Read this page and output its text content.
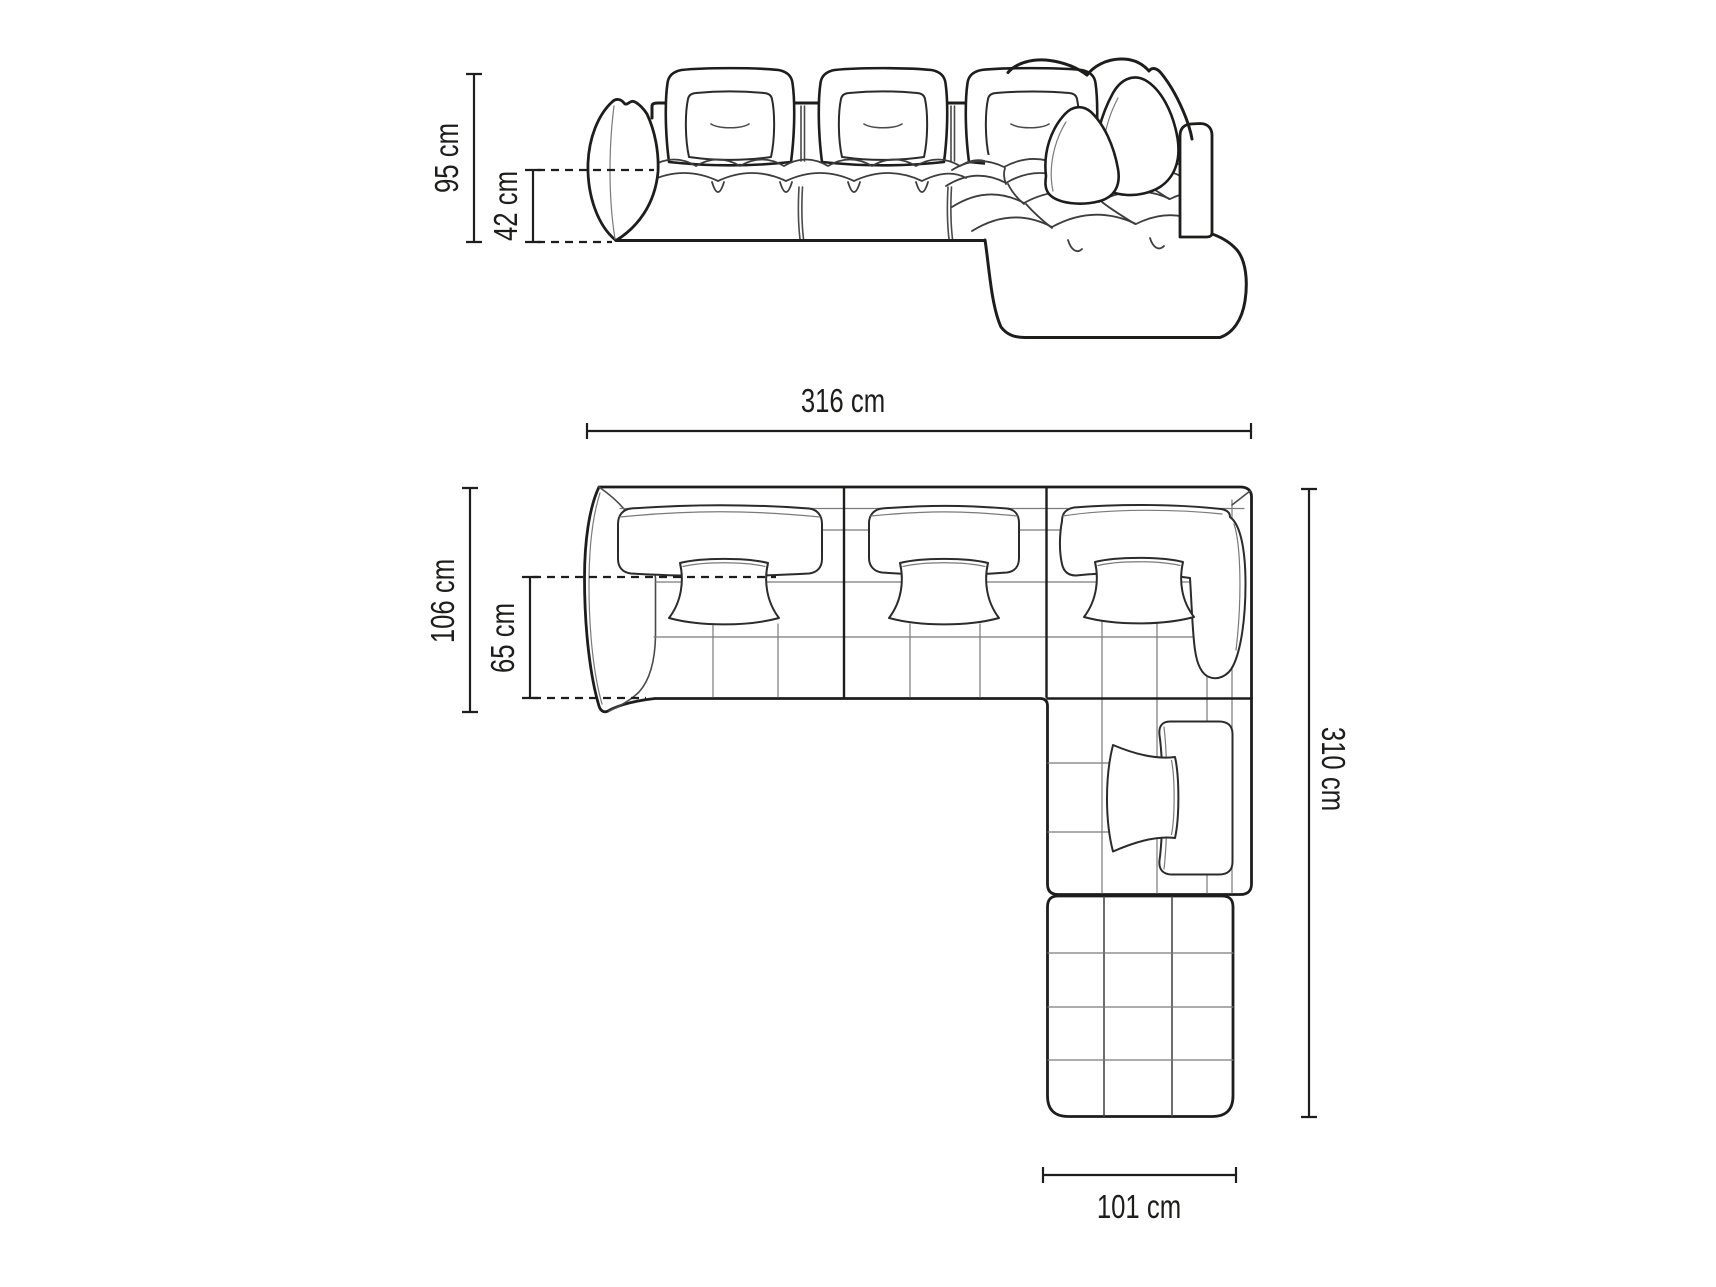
95 cm
42 cm
316 cm
106 cm 65 cm
310 cm
101 cm
